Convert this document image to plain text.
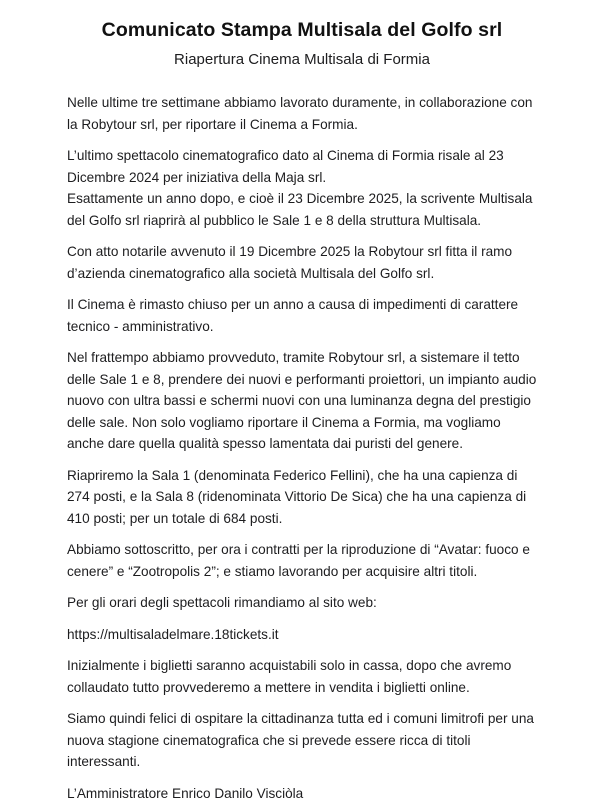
Comunicato Stampa Multisala del Golfo srl
Riapertura Cinema Multisala di Formia

Nelle ultime tre settimane abbiamo lavorato duramente, in collaborazione con la Robytour srl, per riportare il Cinema a Formia.

L’ultimo spettacolo cinematografico dato al Cinema di Formia risale al 23 Dicembre 2024 per iniziativa della Maja srl.

Esattamente un anno dopo, e cioè il 23 Dicembre 2025, la scrivente Multisala del Golfo srl riaprirà al pubblico le Sale 1 e 8 della struttura Multisala.

Con atto notarile avvenuto il 19 Dicembre 2025 la Robytour srl fitta il ramo d’azienda cinematografico alla società Multisala del Golfo srl.

Il Cinema è rimasto chiuso per un anno a causa di impedimenti di carattere tecnico - amministrativo.

Nel frattempo abbiamo provveduto, tramite Robytour srl, a sistemare il tetto delle Sale 1 e 8, prendere dei nuovi e performanti proiettori, un impianto audio nuovo con ultra bassi e schermi nuovi con una luminanza degna del prestigio delle sale. Non solo vogliamo riportare il Cinema a Formia, ma vogliamo anche dare quella qualità spesso lamentata dai puristi del genere.

Riapriremo la Sala 1 (denominata Federico Fellini), che ha una capienza di 274 posti, e la Sala 8 (ridenominata Vittorio De Sica) che ha una capienza di 410 posti; per un totale di 684 posti.

Abbiamo sottoscritto, per ora i contratti per la riproduzione di “Avatar: fuoco e cenere” e “Zootropolis 2”; e stiamo lavorando per acquisire altri titoli.

Per gli orari degli spettacoli rimandiamo al sito web:

https://multisaladelmare.18tickets.it

Inizialmente i biglietti saranno acquistabili solo in cassa, dopo che avremo collaudato tutto provvederemo a mettere in vendita i biglietti online.

Siamo quindi felici di ospitare la cittadinanza tutta ed i comuni limitrofi per una nuova stagione cinematografica che si prevede essere ricca di titoli interessanti.

L’Amministratore Enrico Danilo Visciòla
